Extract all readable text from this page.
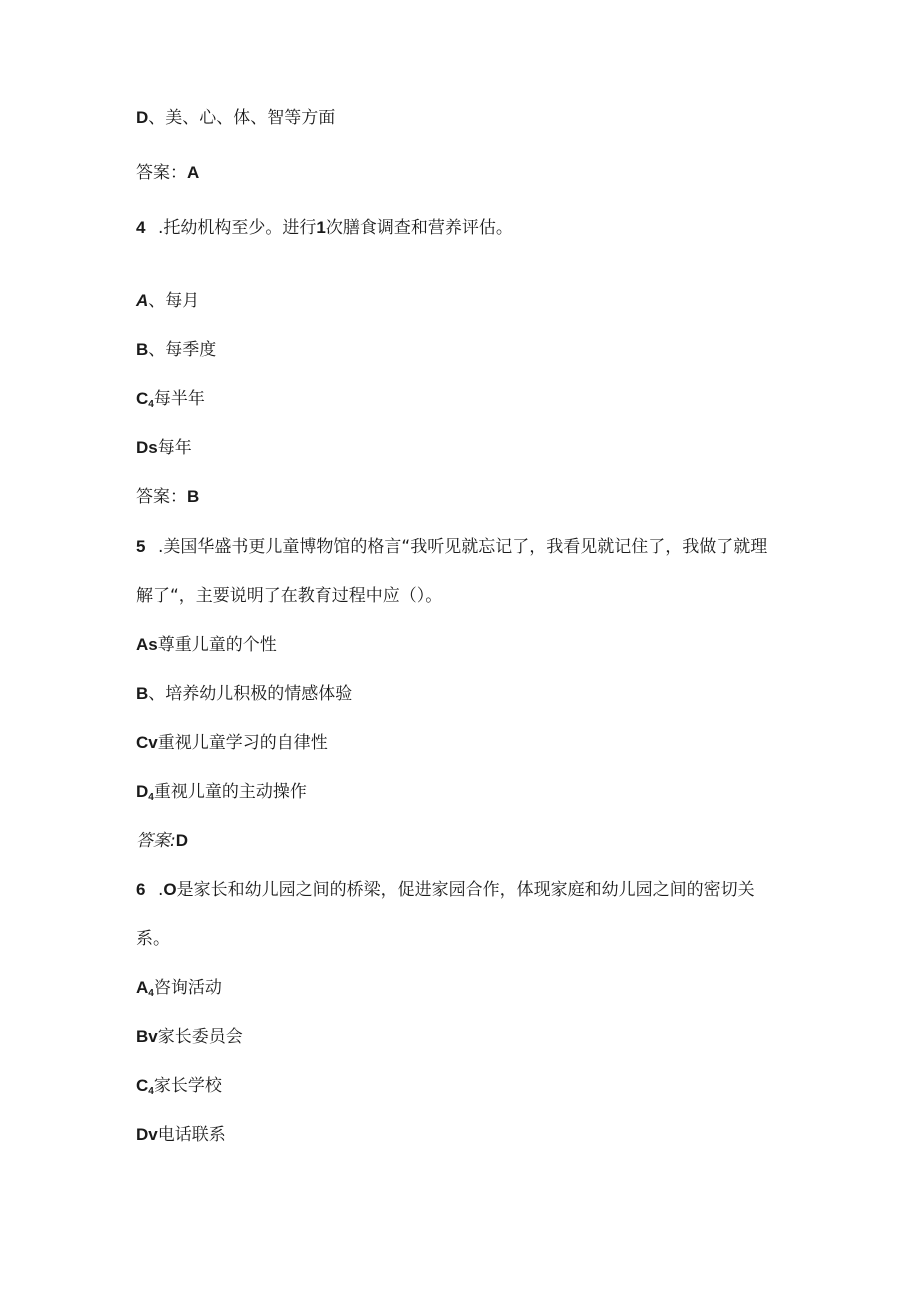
D、美、心、体、智等方面
答案：A
4 .托幼机构至少。进行1次膳食调查和营养评估。
A、每月
B、每季度
$C_4$每半年
Ds每年
答案：B
5 .美国华盛书更儿童博物馆的格言“我听见就忘记了，我看见就记住了，我做了就理
解了“，主要说明了在教育过程中应（）。
As尊重儿童的个性
B、培养幼儿积极的情感体验
Cv重视儿童学习的自律性
$D_4$重视儿童的主动操作
答案:D
6 .O是家长和幼儿园之间的桥梁，促进家园合作，体现家庭和幼儿园之间的密切关
系。
$A_4$咨询活动
Bv家长委员会
$C_4$家长学校
Dv电话联系
